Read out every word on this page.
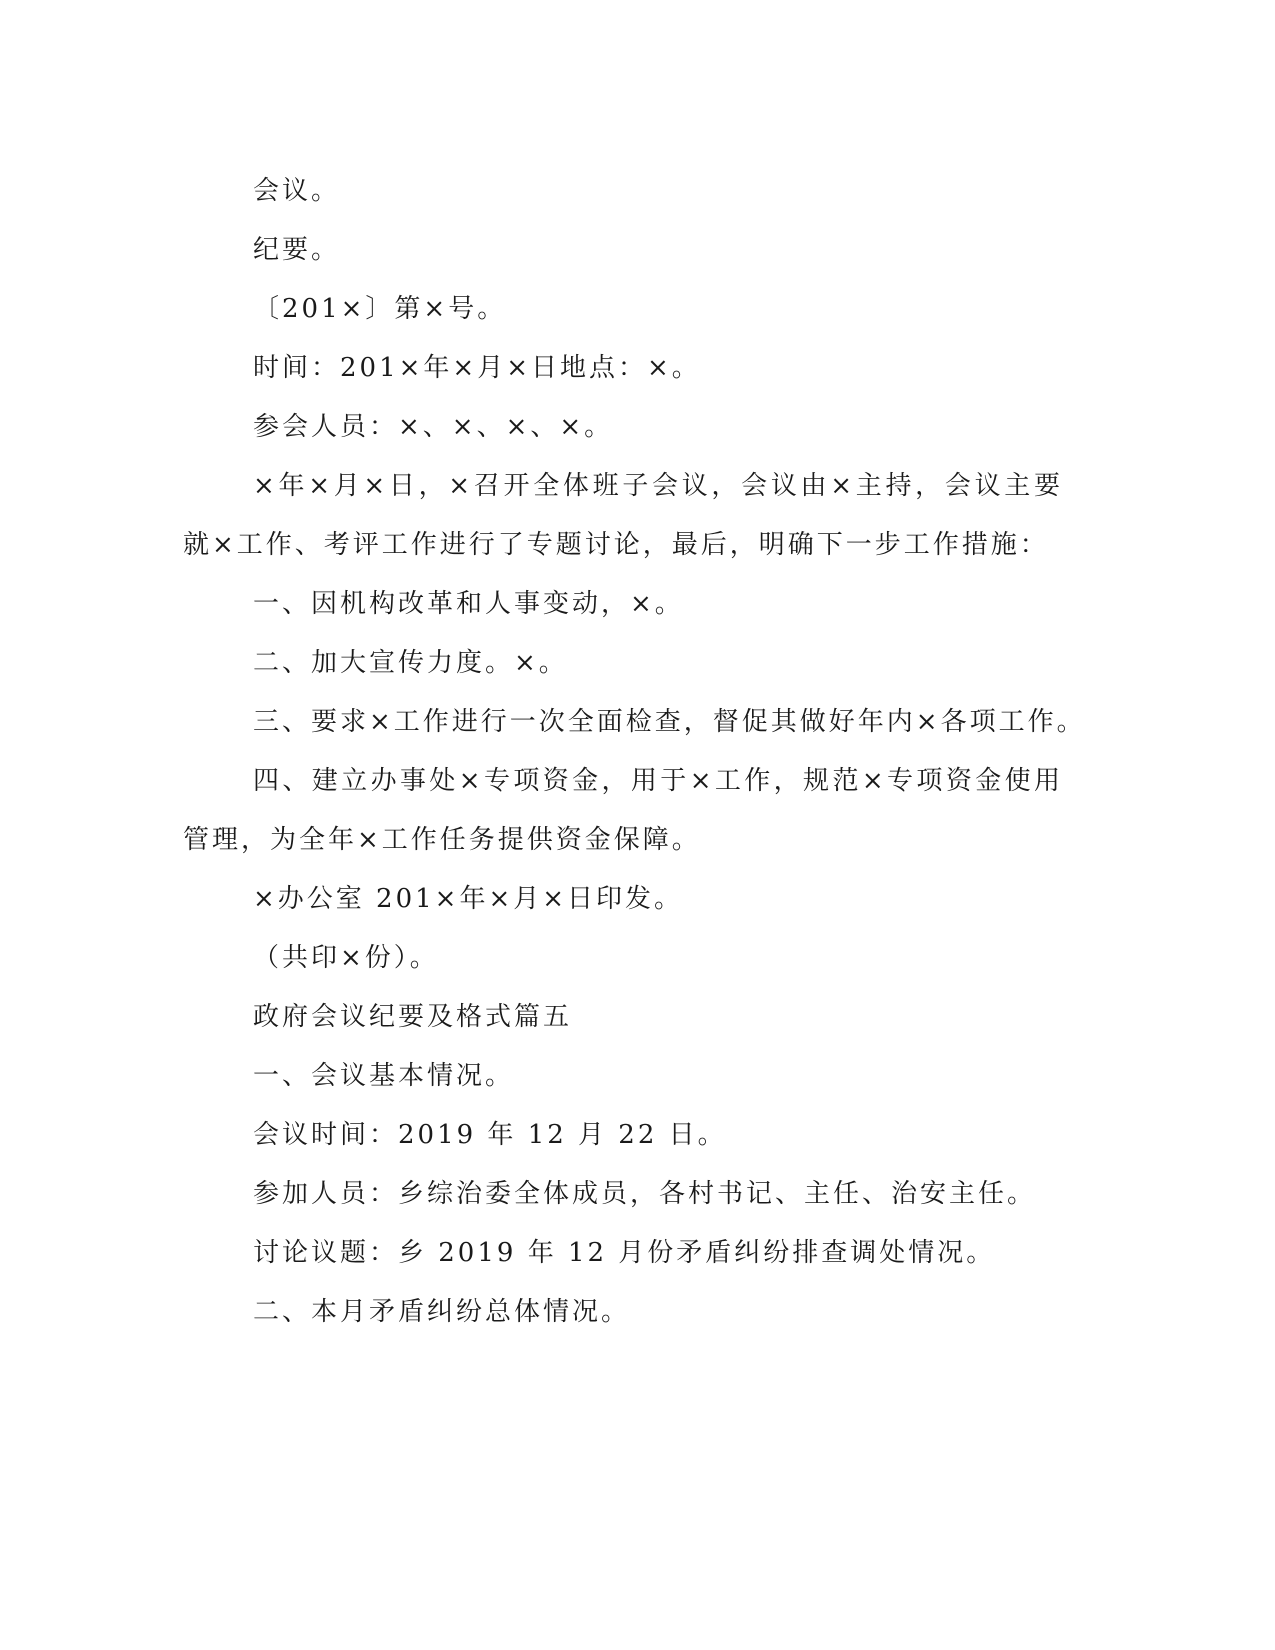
会议。

纪要。

〔201×〕第×号。

时间：201×年×月×日地点：×。

参会人员：×、×、×、×。

×年×月×日，×召开全体班子会议，会议由×主持，会议主要就×工作、考评工作进行了专题讨论，最后，明确下一步工作措施：

一、因机构改革和人事变动，×。

二、加大宣传力度。×。

三、要求×工作进行一次全面检查，督促其做好年内×各项工作。

四、建立办事处×专项资金，用于×工作，规范×专项资金使用管理，为全年×工作任务提供资金保障。

×办公室 201×年×月×日印发。

（共印×份）。

政府会议纪要及格式篇五

一、会议基本情况。

会议时间：2019 年 12 月 22 日。

参加人员：乡综治委全体成员，各村书记、主任、治安主任。

讨论议题：乡 2019 年 12 月份矛盾纠纷排查调处情况。

二、本月矛盾纠纷总体情况。
